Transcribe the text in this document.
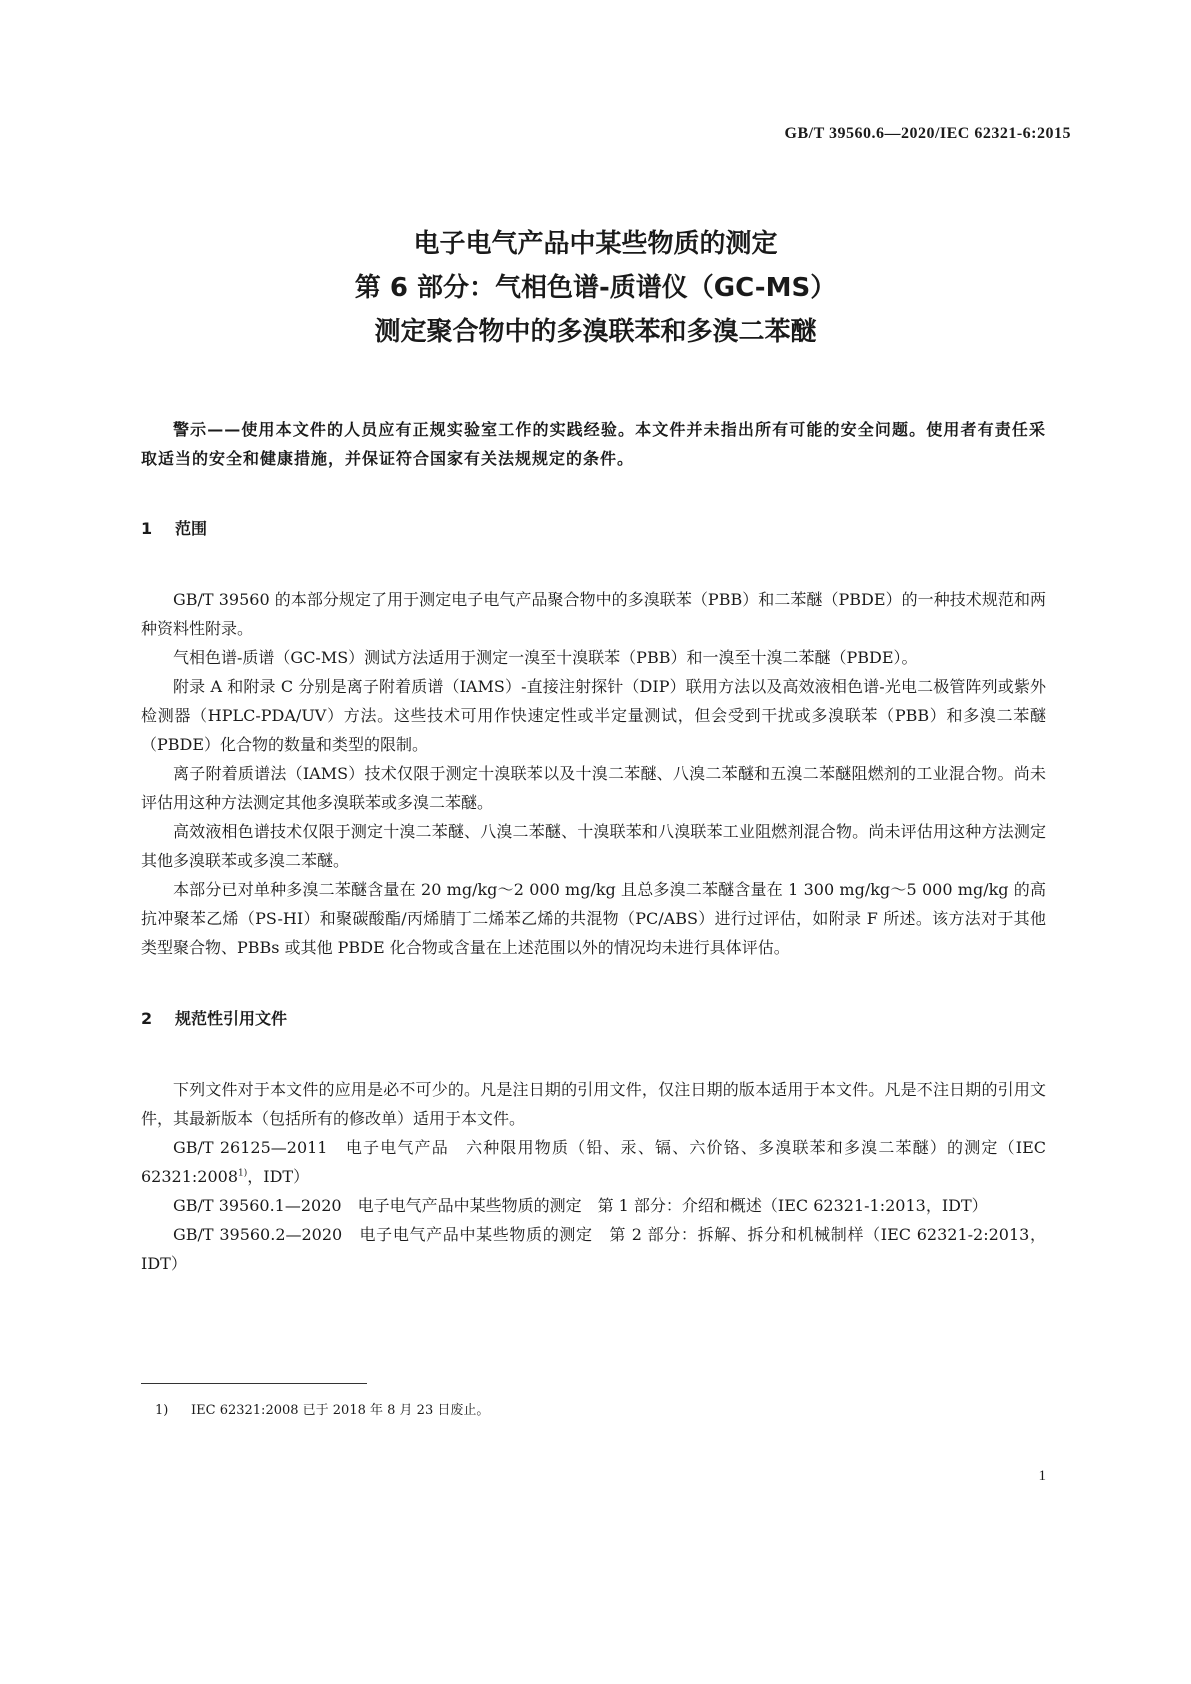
GB/T 39560.6—2020/IEC 62321-6:2015
电子电气产品中某些物质的测定
第 6 部分：气相色谱-质谱仪（GC-MS）
测定聚合物中的多溴联苯和多溴二苯醚

警示——使用本文件的人员应有正规实验室工作的实践经验。本文件并未指出所有可能的安全问题。使用者有责任采取适当的安全和健康措施，并保证符合国家有关法规规定的条件。

1 范围

GB/T 39560 的本部分规定了用于测定电子电气产品聚合物中的多溴联苯（PBB）和二苯醚（PBDE）的一种技术规范和两种资料性附录。

气相色谱-质谱（GC-MS）测试方法适用于测定一溴至十溴联苯（PBB）和一溴至十溴二苯醚（PBDE）。

附录 A 和附录 C 分别是离子附着质谱（IAMS）-直接注射探针（DIP）联用方法以及高效液相色谱-光电二极管阵列或紫外检测器（HPLC-PDA/UV）方法。这些技术可用作快速定性或半定量测试，但会受到干扰或多溴联苯（PBB）和多溴二苯醚（PBDE）化合物的数量和类型的限制。

离子附着质谱法（IAMS）技术仅限于测定十溴联苯以及十溴二苯醚、八溴二苯醚和五溴二苯醚阻燃剂的工业混合物。尚未评估用这种方法测定其他多溴联苯或多溴二苯醚。

高效液相色谱技术仅限于测定十溴二苯醚、八溴二苯醚、十溴联苯和八溴联苯工业阻燃剂混合物。尚未评估用这种方法测定其他多溴联苯或多溴二苯醚。

本部分已对单种多溴二苯醚含量在 20 mg/kg～2 000 mg/kg 且总多溴二苯醚含量在 1 300 mg/kg～5 000 mg/kg 的高抗冲聚苯乙烯（PS-HI）和聚碳酸酯/丙烯腈丁二烯苯乙烯的共混物（PC/ABS）进行过评估，如附录 F 所述。该方法对于其他类型聚合物、PBBs 或其他 PBDE 化合物或含量在上述范围以外的情况均未进行具体评估。

2 规范性引用文件

下列文件对于本文件的应用是必不可少的。凡是注日期的引用文件，仅注日期的版本适用于本文件。凡是不注日期的引用文件，其最新版本（包括所有的修改单）适用于本文件。

GB/T 26125—2011　电子电气产品　六种限用物质（铅、汞、镉、六价铬、多溴联苯和多溴二苯醚）的测定（IEC 62321:2008$^{1)}$，IDT）

GB/T 39560.1—2020　电子电气产品中某些物质的测定　第 1 部分：介绍和概述（IEC 62321-1:2013，IDT）

GB/T 39560.2—2020　电子电气产品中某些物质的测定　第 2 部分：拆解、拆分和机械制样（IEC 62321-2:2013，IDT）

1) IEC 62321:2008 已于 2018 年 8 月 23 日废止。
1
